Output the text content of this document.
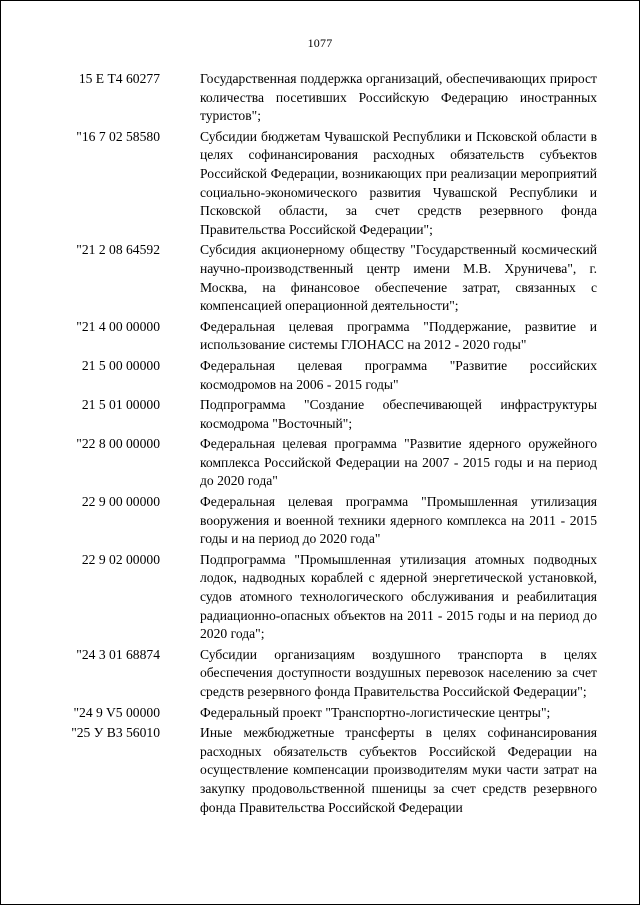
1077
15 Е Т4 60277	Государственная поддержка организаций, обеспечивающих прирост количества посетивших Российскую Федерацию иностранных туристов";
"16 7 02 58580	Субсидии бюджетам Чувашской Республики и Псковской области в целях софинансирования расходных обязательств субъектов Российской Федерации, возникающих при реализации мероприятий социально-экономического развития Чувашской Республики и Псковской области, за счет средств резервного фонда Правительства Российской Федерации";
"21 2 08 64592	Субсидия акционерному обществу "Государственный космический научно-производственный центр имени М.В. Хруничева", г. Москва, на финансовое обеспечение затрат, связанных с компенсацией операционной деятельности";
"21 4 00 00000	Федеральная целевая программа "Поддержание, развитие и использование системы ГЛОНАСС на 2012 - 2020 годы"
21 5 00 00000	Федеральная целевая программа "Развитие российских космодромов на 2006 - 2015 годы"
21 5 01 00000	Подпрограмма "Создание обеспечивающей инфраструктуры космодрома "Восточный";
"22 8 00 00000	Федеральная целевая программа "Развитие ядерного оружейного комплекса Российской Федерации на 2007 - 2015 годы и на период до 2020 года"
22 9 00 00000	Федеральная целевая программа "Промышленная утилизация вооружения и военной техники ядерного комплекса на 2011 - 2015 годы и на период до 2020 года"
22 9 02 00000	Подпрограмма "Промышленная утилизация атомных подводных лодок, надводных кораблей с ядерной энергетической установкой, судов атомного технологического обслуживания и реабилитация радиационно-опасных объектов на 2011 - 2015 годы и на период до 2020 года";
"24 3 01 68874	Субсидии организациям воздушного транспорта в целях обеспечения доступности воздушных перевозок населению за счет средств резервного фонда Правительства Российской Федерации";
"24 9 V5 00000	Федеральный проект "Транспортно-логистические центры";
"25 У В3 56010	Иные межбюджетные трансферты в целях софинансирования расходных обязательств субъектов Российской Федерации на осуществление компенсации производителям муки части затрат на закупку продовольственной пшеницы за счет средств резервного фонда Правительства Российской Федерации
